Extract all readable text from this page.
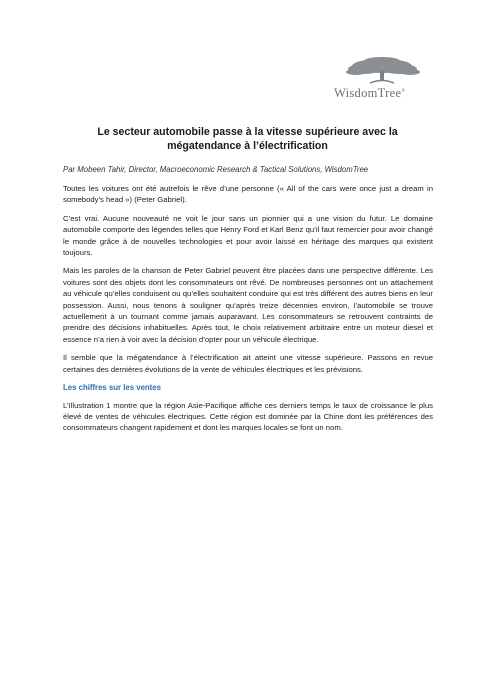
WisdomTree®
Le secteur automobile passe à la vitesse supérieure avec la
mégatendance à l’électrification
Par Mobeen Tahir, Director, Macroeconomic Research & Tactical Solutions, WisdomTree

Toutes les voitures ont été autrefois le rêve d’une personne (« All of the cars were once just a dream in somebody’s head ») (Peter Gabriel).

C’est vrai. Aucune nouveauté ne voit le jour sans un pionnier qui a une vision du futur. Le domaine automobile comporte des légendes telles que Henry Ford et Karl Benz qu’il faut remercier pour avoir changé le monde grâce à de nouvelles technologies et pour avoir laissé en héritage des marques qui existent toujours.

Mais les paroles de la chanson de Peter Gabriel peuvent être placées dans une perspective différente. Les voitures sont des objets dont les consommateurs ont rêvé. De nombreuses personnes ont un attachement au véhicule qu’elles conduisent ou qu’elles souhaitent conduire qui est très différent des autres biens en leur possession. Aussi, nous tenons à souligner qu’après treize décennies environ, l’automobile se trouve actuellement à un tournant comme jamais auparavant. Les consommateurs se retrouvent contraints de prendre des décisions inhabituelles. Après tout, le choix relativement arbitraire entre un moteur diesel et essence n’a rien à voir avec la décision d’opter pour un véhicule électrique.

Il semble que la mégatendance à l’électrification ait atteint une vitesse supérieure. Passons en revue certaines des dernières évolutions de la vente de véhicules électriques et les prévisions.

Les chiffres sur les ventes

L’Illustration 1 montre que la région Asie-Pacifique affiche ces derniers temps le taux de croissance le plus élevé de ventes de véhicules électriques. Cette région est dominée par la Chine dont les préférences des consommateurs changent rapidement et dont les marques locales se font un nom.
